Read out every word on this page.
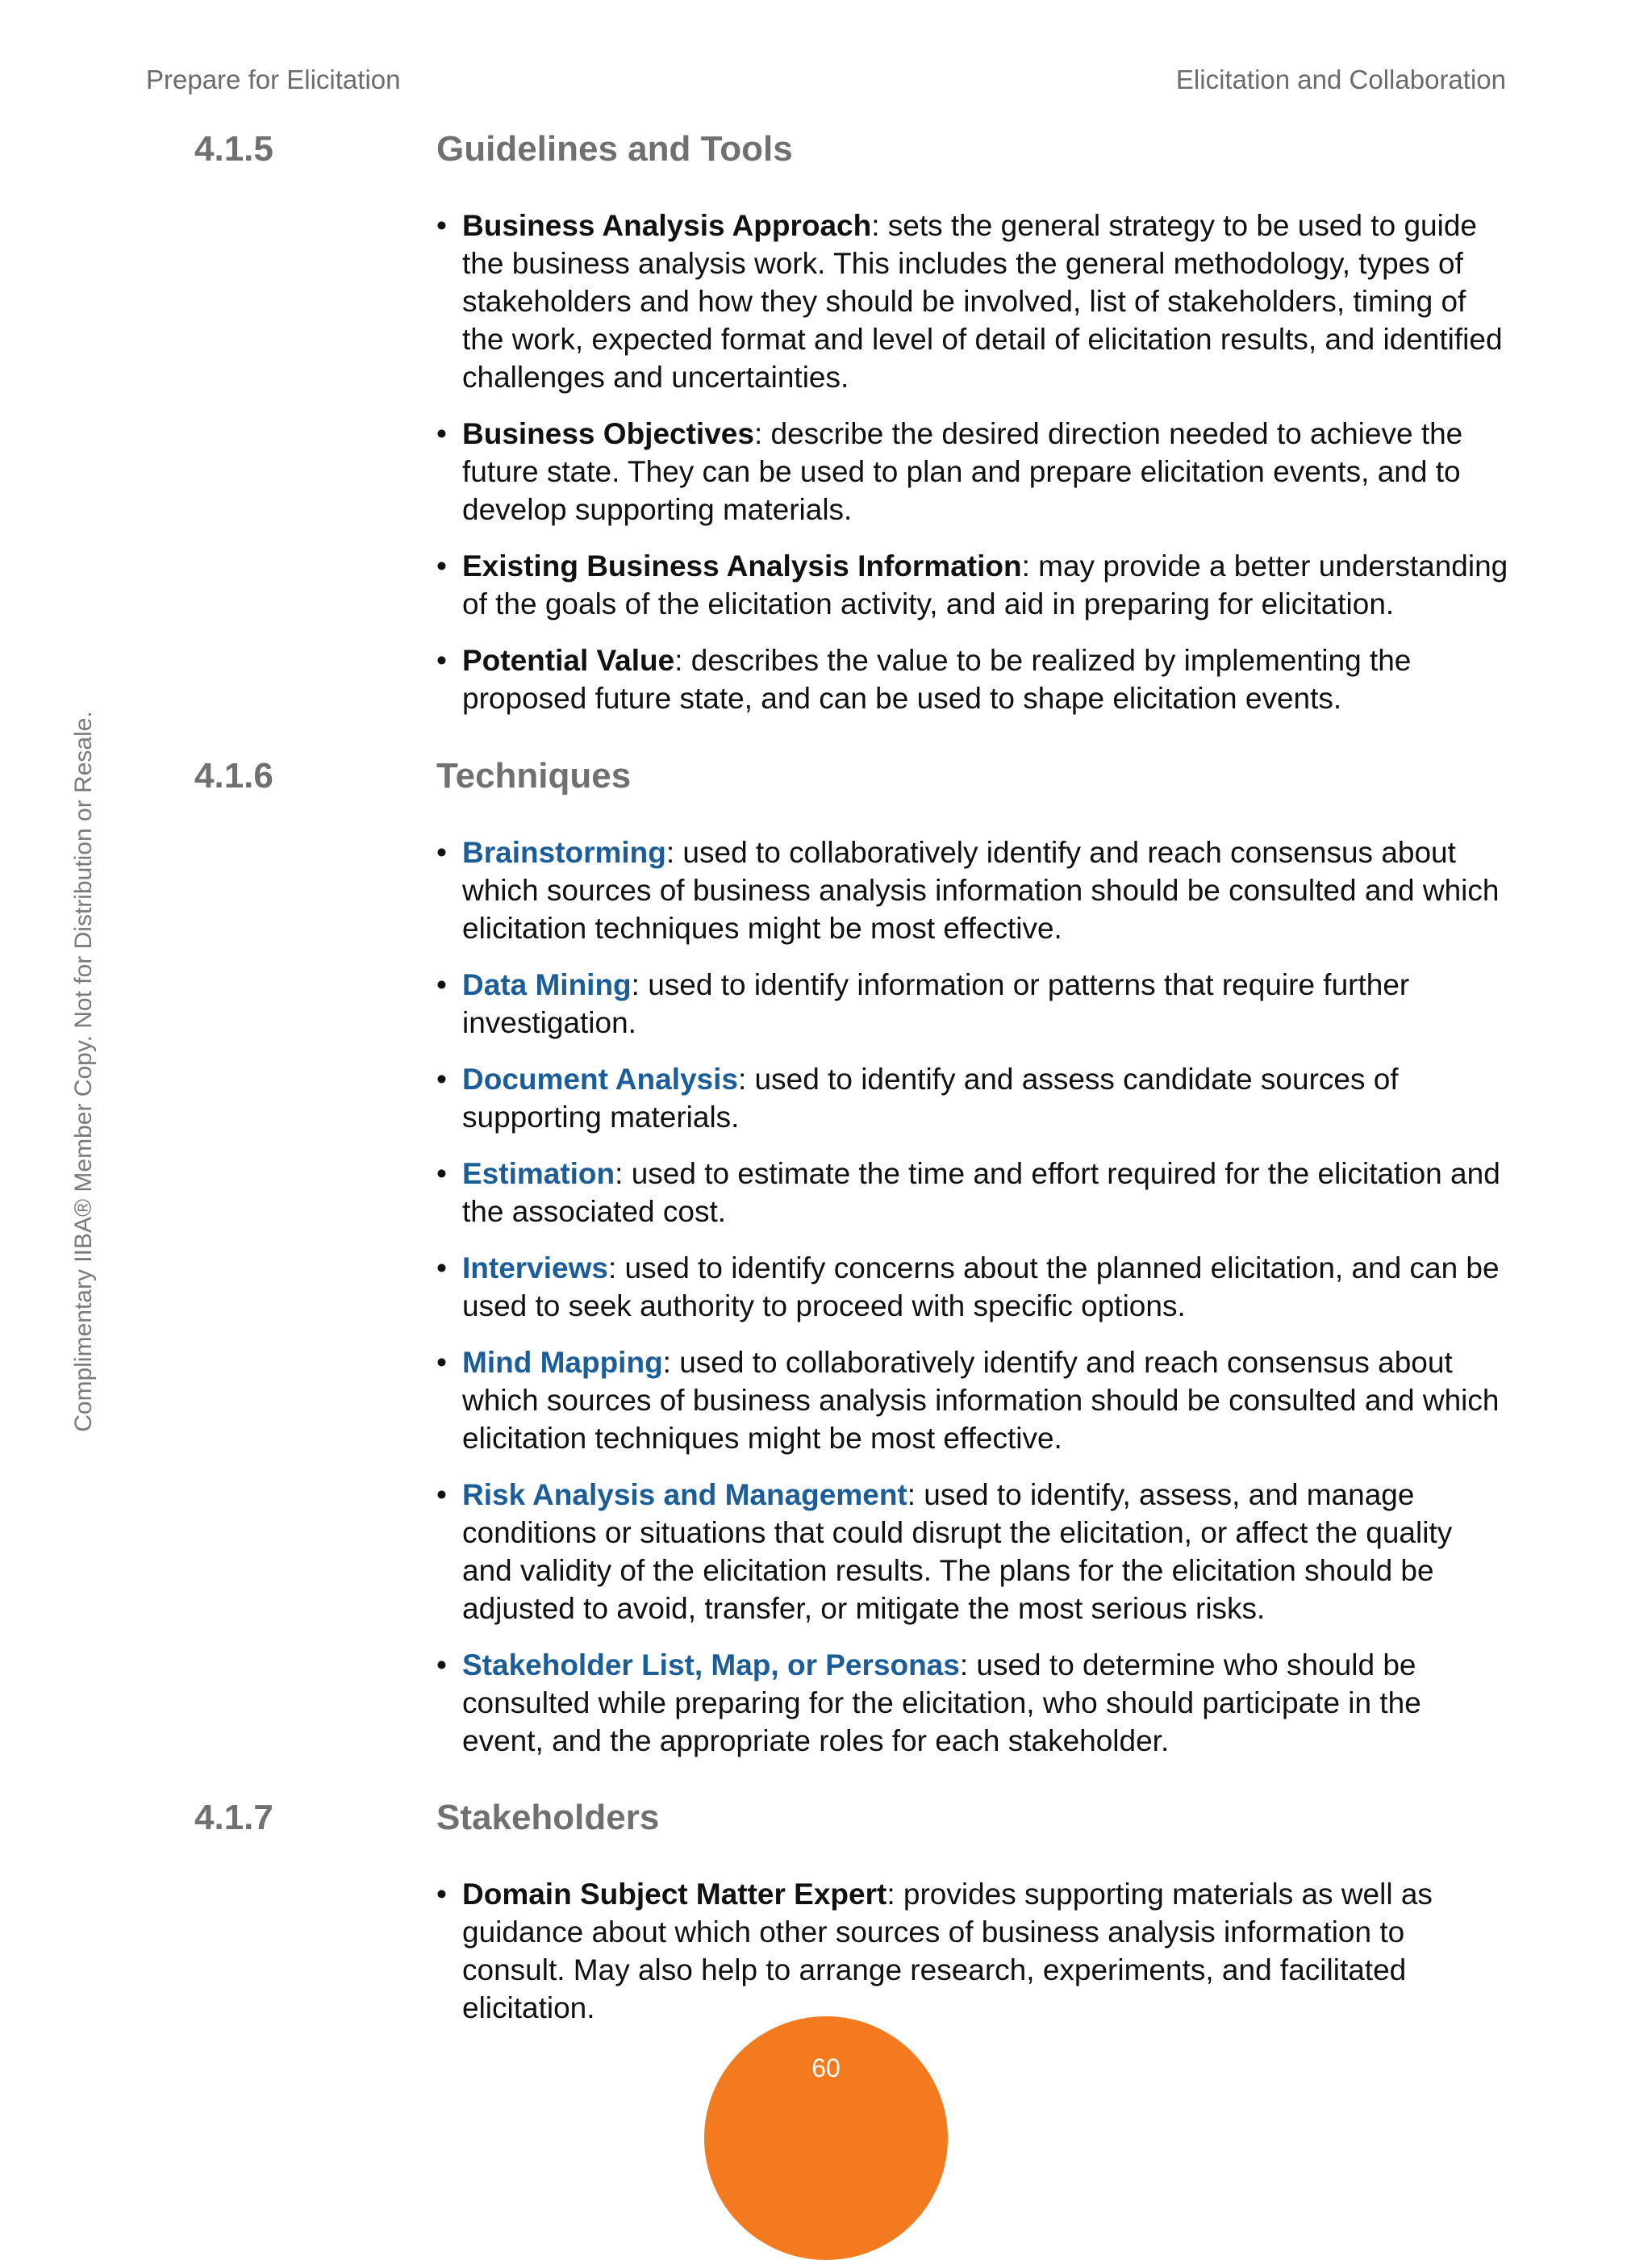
Prepare for Elicitation	Elicitation and Collaboration
Complimentary IIBA® Member Copy. Not for Distribution or Resale.
4.1.5	Guidelines and Tools
• Business Analysis Approach: sets the general strategy to be used to guide the business analysis work. This includes the general methodology, types of stakeholders and how they should be involved, list of stakeholders, timing of the work, expected format and level of detail of elicitation results, and identified challenges and uncertainties.
• Business Objectives: describe the desired direction needed to achieve the future state. They can be used to plan and prepare elicitation events, and to develop supporting materials.
• Existing Business Analysis Information: may provide a better understanding of the goals of the elicitation activity, and aid in preparing for elicitation.
• Potential Value: describes the value to be realized by implementing the proposed future state, and can be used to shape elicitation events.
4.1.6	Techniques
• Brainstorming: used to collaboratively identify and reach consensus about which sources of business analysis information should be consulted and which elicitation techniques might be most effective.
• Data Mining: used to identify information or patterns that require further investigation.
• Document Analysis: used to identify and assess candidate sources of supporting materials.
• Estimation: used to estimate the time and effort required for the elicitation and the associated cost.
• Interviews: used to identify concerns about the planned elicitation, and can be used to seek authority to proceed with specific options.
• Mind Mapping: used to collaboratively identify and reach consensus about which sources of business analysis information should be consulted and which elicitation techniques might be most effective.
• Risk Analysis and Management: used to identify, assess, and manage conditions or situations that could disrupt the elicitation, or affect the quality and validity of the elicitation results. The plans for the elicitation should be adjusted to avoid, transfer, or mitigate the most serious risks.
• Stakeholder List, Map, or Personas: used to determine who should be consulted while preparing for the elicitation, who should participate in the event, and the appropriate roles for each stakeholder.
4.1.7	Stakeholders
• Domain Subject Matter Expert: provides supporting materials as well as guidance about which other sources of business analysis information to consult. May also help to arrange research, experiments, and facilitated elicitation.
60
